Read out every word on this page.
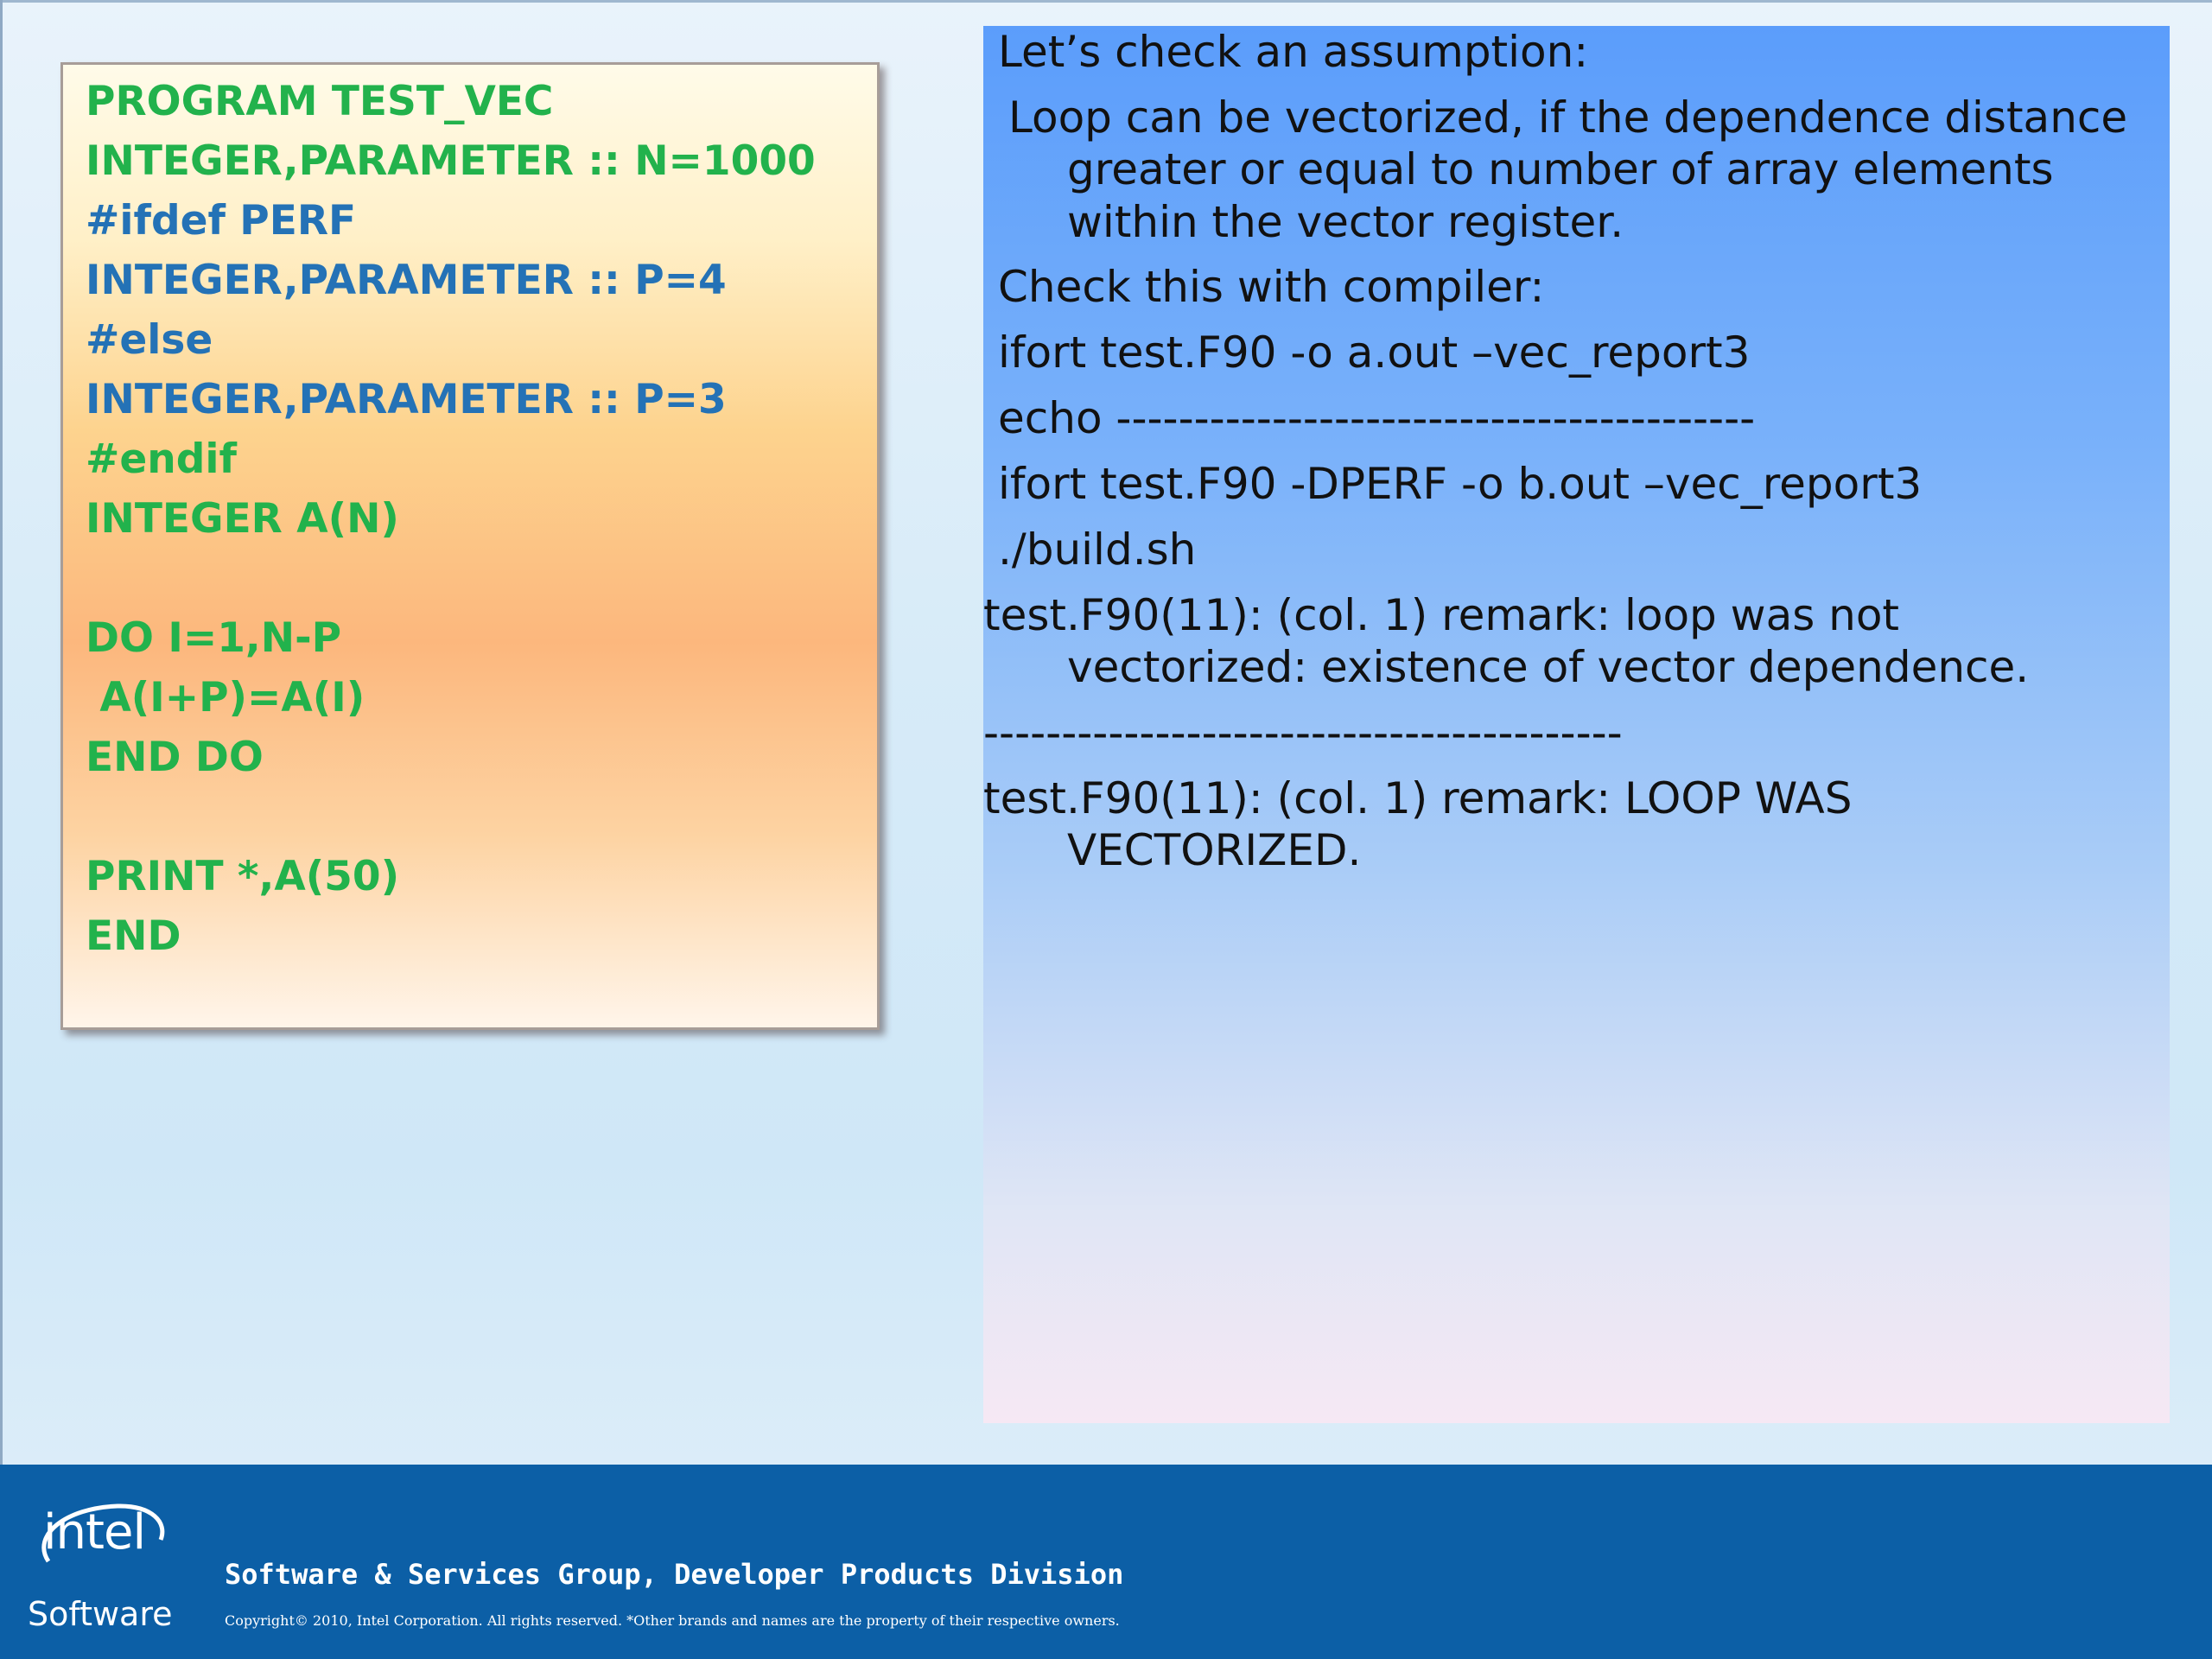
PROGRAM TEST_VEC
INTEGER,PARAMETER :: N=1000
#ifdef PERF
INTEGER,PARAMETER :: P=4
#else
INTEGER,PARAMETER :: P=3
#endif
INTEGER A(N)
DO I=1,N-P
A(I+P)=A(I)
END DO
PRINT *,A(50)
END
Let’s check an assumption:
Loop can be vectorized, if the dependence distance
greater or equal to number of array elements
within the vector register.
Check this with compiler:
ifort test.F90 -o a.out –vec_report3
echo -----------------------------------------
ifort test.F90 -DPERF -o b.out –vec_report3
./build.sh
test.F90(11): (col. 1) remark: loop was not
vectorized: existence of vector dependence.
-----------------------------------------
test.F90(11): (col. 1) remark: LOOP WAS
VECTORIZED.
intel
Software
Software & Services Group, Developer Products Division
Copyright© 2010, Intel Corporation. All rights reserved. *Other brands and names are the property of their respective owners.
